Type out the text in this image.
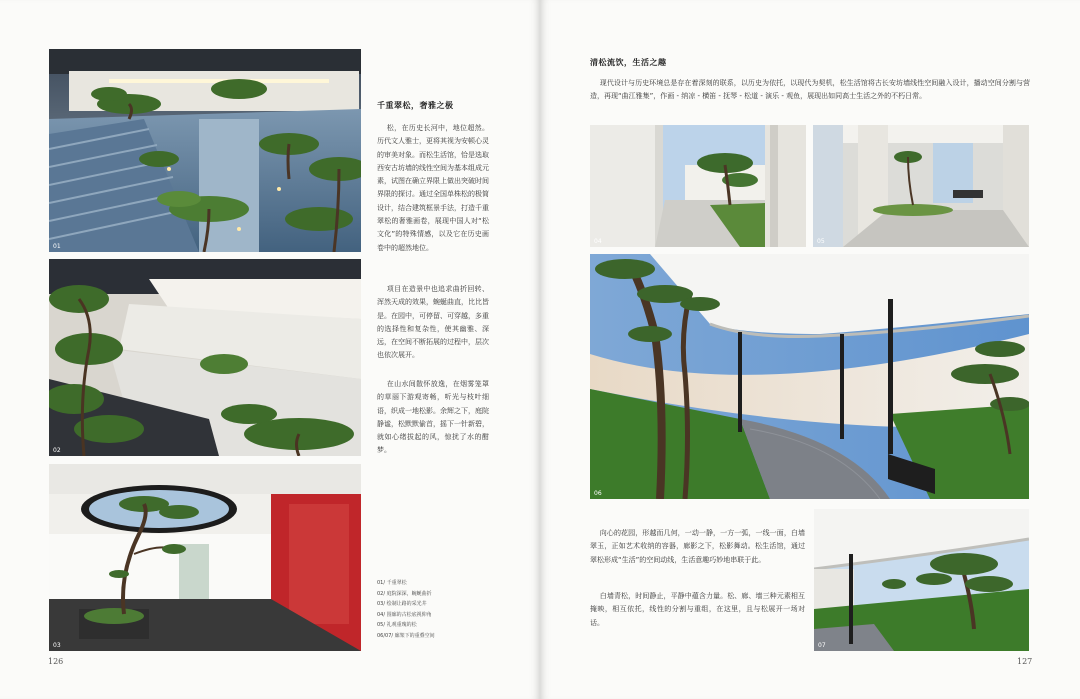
01
02
03
千重翠松，奢雅之极

松，在历史长河中，地位超然。历代文人雅士，更将其视为安顿心灵的审美对象。而松生活馆，恰是选取西安古坊墙的线性空间为基本组成元素，试图在确立界限上做出突破时间界限的探讨。通过全国单株松的极简设计，结合建筑框景手法，打造千重翠松的奢雅画卷，展现中国人对“松文化”的特殊情感，以及它在历史画卷中的超然地位。

项目在造景中也追求曲折回转、浑然天成的效果，蜿蜒曲直，比比皆是。在园中，可停留、可穿越，多重的选择性和复杂性，使其幽雅、深远，在空间不断拓展的过程中，层次也依次展开。

在山水间散怀放逸，在烟雾笼罩的草丽下游观寄畅，听光与枝叶细语，织成一地松影。余辉之下，庭院静谧，松默默偷首，摇下一针新碧，就如心绪拔起的风，惊扰了水的酣梦。

01/ 千重翠松
02/ 庭院深深，蜿蜒曲折
03/ 绘制让路的采光井
04/ 围廊的古松底视仰角
05/ 礼观重瑰的松
06/07/ 廊架下的重叠空间
126
清松流饮，生活之趣

现代设计与历史环境总是存在着深刻的联系，以历史为依托，以现代为契机，松生活馆将古长安坊墙线性空间融入设计，播动空间分割与营造，再现“曲江雅集”，作画 - 纳凉 - 横笛 - 抚琴 - 松道 - 演乐 - 观鱼，展现出如同高士生活之外的不朽日常。

04	05
06

向心的花园，形越而几何，一动一静，一方一弧，一线一面，白墙翠玉，正如艺术收纳的容器，廊影之下，松影舞动。松生活馆，通过翠松形成“生活”的空间动线，生活意趣巧妙地串联于此。

白墙青松，时间静止，平静中蕴含力量。松、廊、墙三种元素相互掩映，相互依托，线性的分割与重组，在这里，且与松展开一场对话。

07
127
